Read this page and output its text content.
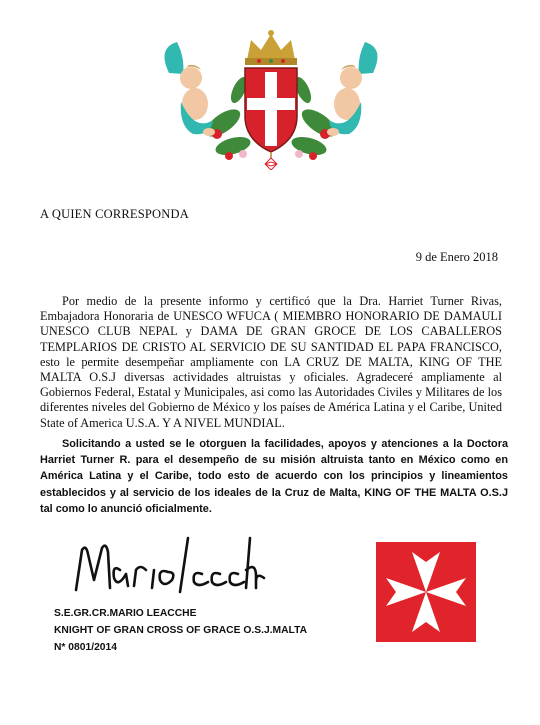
A QUIEN CORRESPONDA
9 de Enero 2018
Por medio de la presente informo y certificó que la Dra. Harriet Turner Rivas, Embajadora Honoraria de UNESCO WFUCA ( MIEMBRO HONORARIO DE DAMAULI UNESCO CLUB NEPAL y DAMA DE GRAN GROCE DE LOS CABALLEROS TEMPLARIOS DE CRISTO AL SERVICIO DE SU SANTIDAD EL PAPA FRANCISCO, esto le permite desempeñar ampliamente con LA CRUZ DE MALTA, KING OF THE MALTA O.S.J diversas actividades altruistas y oficiales. Agradeceré ampliamente al Gobiernos Federal, Estatal y Municipales, asi como las Autoridades Civiles y Militares de los diferentes niveles del Gobierno de México y los países de América Latina y el Caribe, United State of America U.S.A. Y A NIVEL MUNDIAL.
Solicitando a usted se le otorguen la facilidades, apoyos y atenciones a la Doctora Harriet Turner R. para el desempeño de su misión altruista tanto en México como en América Latina y el Caribe, todo esto de acuerdo con los principios y lineamientos establecidos y al servicio de los ideales de la Cruz de Malta, KING OF THE MALTA O.S.J tal como lo anunció oficialmente.
S.E.GR.CR.MARIO LEACCHE
KNIGHT OF GRAN CROSS OF GRACE O.S.J.MALTA
N* 0801/2014
